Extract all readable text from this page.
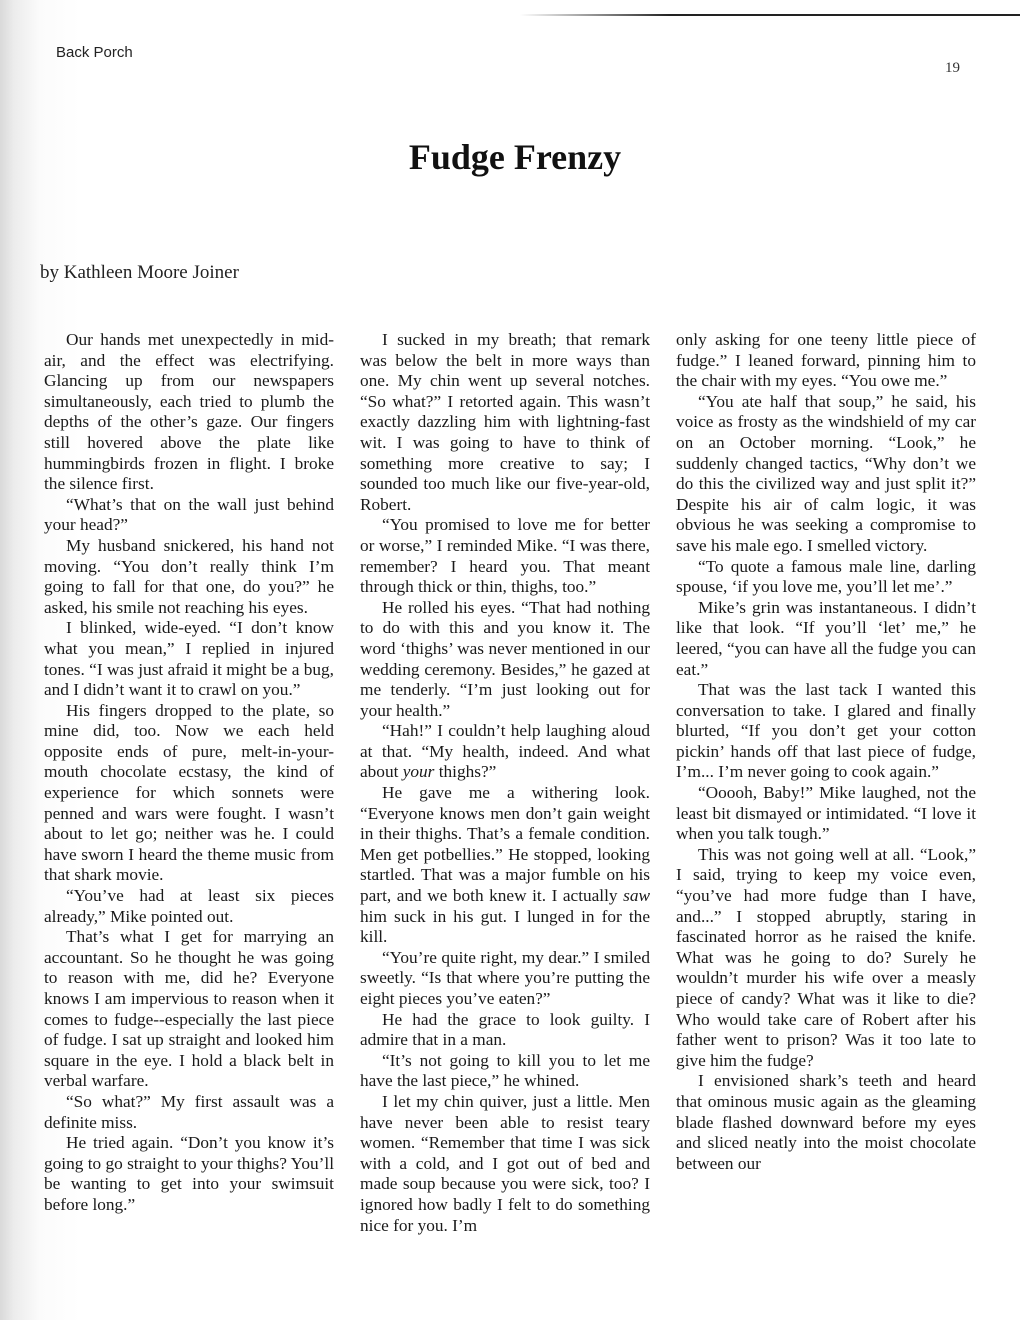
Back Porch
19
Fudge Frenzy
by Kathleen Moore Joiner

Our hands met unexpectedly in mid-air, and the effect was electrifying. Glancing up from our newspapers simultaneously, each tried to plumb the depths of the other’s gaze. Our fingers still hovered above the plate like hummingbirds frozen in flight. I broke the silence first.

“What’s that on the wall just behind your head?”

My husband snickered, his hand not moving. “You don’t really think I’m going to fall for that one, do you?” he asked, his smile not reaching his eyes.

I blinked, wide-eyed. “I don’t know what you mean,” I replied in injured tones. “I was just afraid it might be a bug, and I didn’t want it to crawl on you.”

His fingers dropped to the plate, so mine did, too. Now we each held opposite ends of pure, melt-in-your-mouth chocolate ecstasy, the kind of experience for which sonnets were penned and wars were fought. I wasn’t about to let go; neither was he. I could have sworn I heard the theme music from that shark movie.

“You’ve had at least six pieces already,” Mike pointed out.

That’s what I get for marrying an accountant. So he thought he was going to reason with me, did he? Everyone knows I am impervious to reason when it comes to fudge--especially the last piece of fudge. I sat up straight and looked him square in the eye. I hold a black belt in verbal warfare.

“So what?” My first assault was a definite miss.

He tried again. “Don’t you know it’s going to go straight to your thighs? You’ll be wanting to get into your swimsuit before long.”

I sucked in my breath; that remark was below the belt in more ways than one. My chin went up several notches. “So what?” I retorted again. This wasn’t exactly dazzling him with lightning-fast wit. I was going to have to think of something more creative to say; I sounded too much like our five-year-old, Robert.

“You promised to love me for better or worse,” I reminded Mike. “I was there, remember? I heard you. That meant through thick or thin, thighs, too.”

He rolled his eyes. “That had nothing to do with this and you know it. The word ‘thighs’ was never mentioned in our wedding ceremony. Besides,” he gazed at me tenderly. “I’m just looking out for your health.”

“Hah!” I couldn’t help laughing aloud at that. “My health, indeed. And what about your thighs?”

He gave me a withering look. “Everyone knows men don’t gain weight in their thighs. That’s a female condition. Men get potbellies.” He stopped, looking startled. That was a major fumble on his part, and we both knew it. I actually saw him suck in his gut. I lunged in for the kill.

“You’re quite right, my dear.” I smiled sweetly. “Is that where you’re putting the eight pieces you’ve eaten?”

He had the grace to look guilty. I admire that in a man.

“It’s not going to kill you to let me have the last piece,” he whined.

I let my chin quiver, just a little. Men have never been able to resist teary women. “Remember that time I was sick with a cold, and I got out of bed and made soup because you were sick, too? I ignored how badly I felt to do something nice for you. I’m

only asking for one teeny little piece of fudge.” I leaned forward, pinning him to the chair with my eyes. “You owe me.”

“You ate half that soup,” he said, his voice as frosty as the windshield of my car on an October morning. “Look,” he suddenly changed tactics, “Why don’t we do this the civilized way and just split it?” Despite his air of calm logic, it was obvious he was seeking a compromise to save his male ego. I smelled victory.

“To quote a famous male line, darling spouse, ‘if you love me, you’ll let me’.”

Mike’s grin was instantaneous. I didn’t like that look. “If you’ll ‘let’ me,” he leered, “you can have all the fudge you can eat.”

That was the last tack I wanted this conversation to take. I glared and finally blurted, “If you don’t get your cotton pickin’ hands off that last piece of fudge, I’m... I’m never going to cook again.”

“Ooooh, Baby!” Mike laughed, not the least bit dismayed or intimidated. “I love it when you talk tough.”

This was not going well at all. “Look,” I said, trying to keep my voice even, “you’ve had more fudge than I have, and...” I stopped abruptly, staring in fascinated horror as he raised the knife. What was he going to do? Surely he wouldn’t murder his wife over a measly piece of candy? What was it like to die? Who would take care of Robert after his father went to prison? Was it too late to give him the fudge?

I envisioned shark’s teeth and heard that ominous music again as the gleaming blade flashed downward before my eyes and sliced neatly into the moist chocolate between our
